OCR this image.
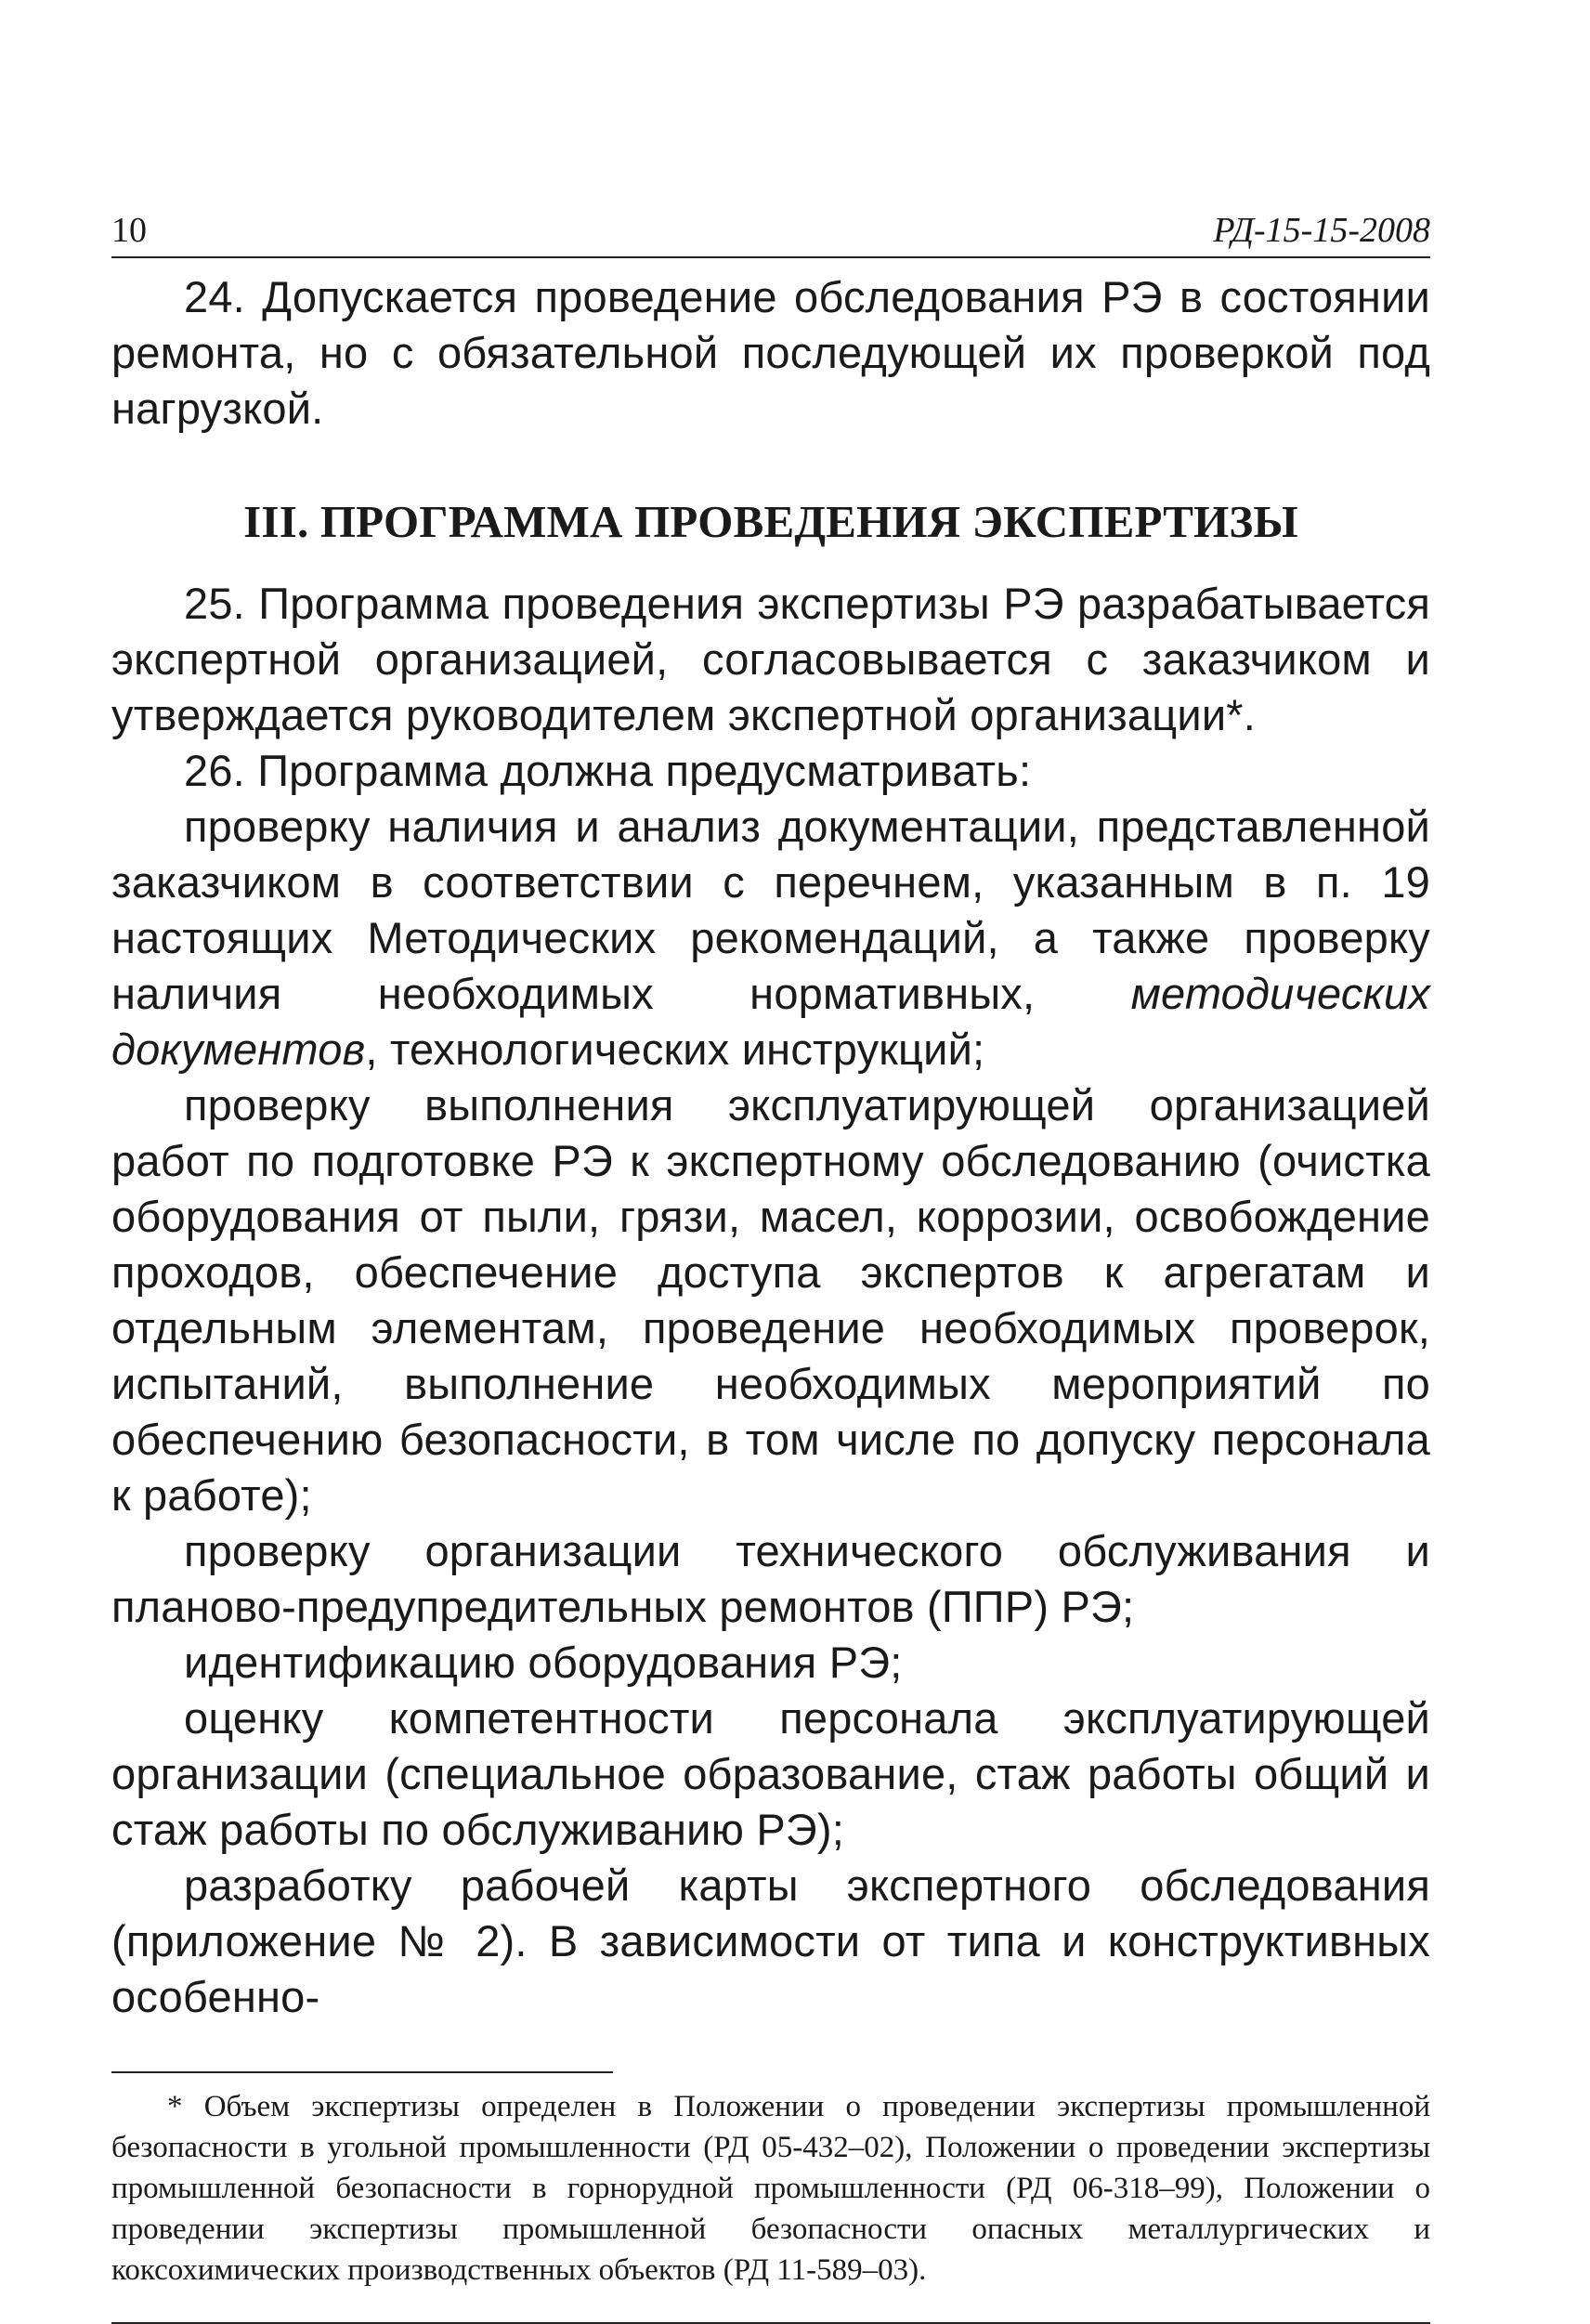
10	РД-15-15-2008

24. Допускается проведение обследования РЭ в состоянии ремонта, но с обязательной последующей их проверкой под нагрузкой.

III. ПРОГРАММА ПРОВЕДЕНИЯ ЭКСПЕРТИЗЫ

25. Программа проведения экспертизы РЭ разрабатывается экспертной организацией, согласовывается с заказчиком и утверждается руководителем экспертной организации*.

26. Программа должна предусматривать:

проверку наличия и анализ документации, представленной заказчиком в соответствии с перечнем, указанным в п. 19 настоящих Методических рекомендаций, а также проверку наличия необходимых нормативных, методических документов, технологических инструкций;

проверку выполнения эксплуатирующей организацией работ по подготовке РЭ к экспертному обследованию (очистка оборудования от пыли, грязи, масел, коррозии, освобождение проходов, обеспечение доступа экспертов к агрегатам и отдельным элементам, проведение необходимых проверок, испытаний, выполнение необходимых мероприятий по обеспечению безопасности, в том числе по допуску персонала к работе);

проверку организации технического обслуживания и планово-предупредительных ремонтов (ППР) РЭ;

идентификацию оборудования РЭ;

оценку компетентности персонала эксплуатирующей организации (специальное образование, стаж работы общий и стаж работы по обслуживанию РЭ);

разработку рабочей карты экспертного обследования (приложение № 2). В зависимости от типа и конструктивных особенно-

* Объем экспертизы определен в Положении о проведении экспертизы промышленной безопасности в угольной промышленности (РД 05-432–02), Положении о проведении экспертизы промышленной безопасности в горнорудной промышленности (РД 06-318–99), Положении о проведении экспертизы промышленной безопасности опасных металлургических и коксохимических производственных объектов (РД 11-589–03).
